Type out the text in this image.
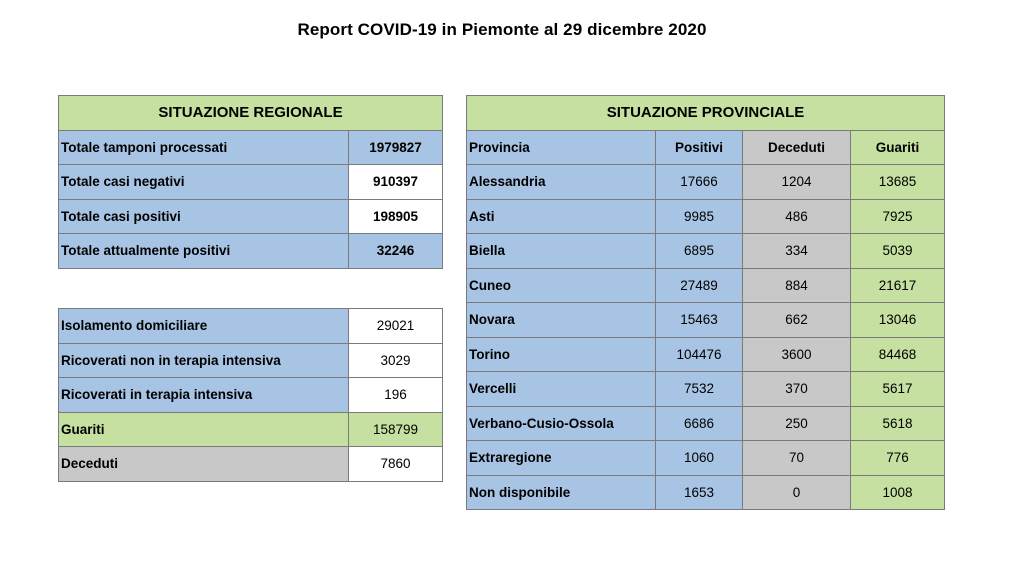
Report COVID-19 in Piemonte al 29 dicembre 2020
SITUAZIONE REGIONALE	
Totale tamponi processati	1979827
Totale casi negativi	910397
Totale casi positivi	198905
Totale attualmente positivi	32246
Isolamento domiciliare	29021
Ricoverati non in terapia intensiva	3029
Ricoverati in terapia intensiva	196
Guariti	158799
Deceduti	7860
SITUAZIONE PROVINCIALE			
Provincia	Positivi	Deceduti	Guariti
Alessandria	17666	1204	13685
Asti	9985	486	7925
Biella	6895	334	5039
Cuneo	27489	884	21617
Novara	15463	662	13046
Torino	104476	3600	84468
Vercelli	7532	370	5617
Verbano-Cusio-Ossola	6686	250	5618
Extraregione	1060	70	776
Non disponibile	1653	0	1008
